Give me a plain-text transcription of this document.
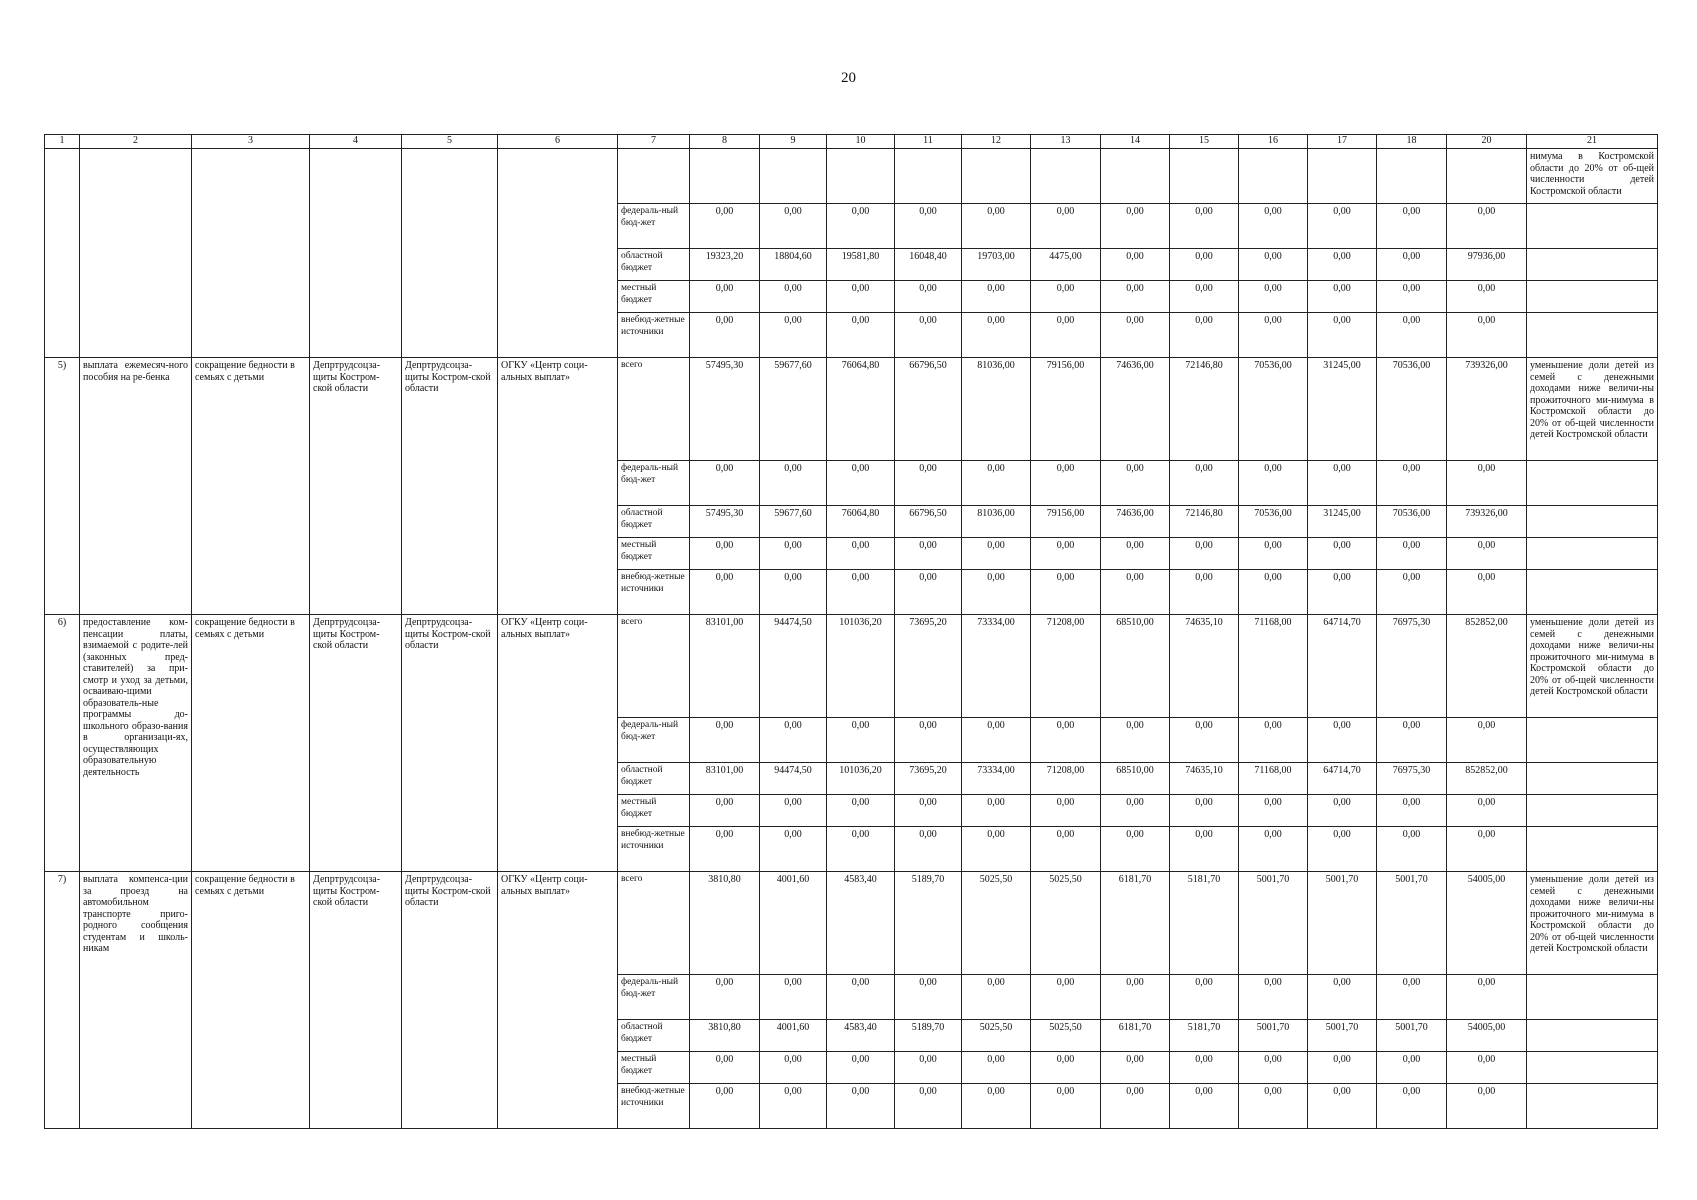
20
1	2	3	4	5	6	7	8	9	10	11	12	13	14	15	16	17	18	20	21
																			нимума в Костромской области до 20% от об-щей численности детей Костромской области
						федераль-ный бюд-жет	0,00	0,00	0,00	0,00	0,00	0,00	0,00	0,00	0,00	0,00	0,00	0,00	
						областной бюджет	19323,20	18804,60	19581,80	16048,40	19703,00	4475,00	0,00	0,00	0,00	0,00	0,00	97936,00	
						местный бюджет	0,00	0,00	0,00	0,00	0,00	0,00	0,00	0,00	0,00	0,00	0,00	0,00	
						внебюд-жетные источники	0,00	0,00	0,00	0,00	0,00	0,00	0,00	0,00	0,00	0,00	0,00	0,00	
5)	выплата ежемесяч-ного пособия на ре-бенка	сокращение бедности в семьях с детьми	Депртрудсоцза-щиты Костром-ской области	Депртрудсоцза-щиты Костром-ской области	ОГКУ «Центр соци-альных выплат»	всего	57495,30	59677,60	76064,80	66796,50	81036,00	79156,00	74636,00	72146,80	70536,00	31245,00	70536,00	739326,00	уменьшение доли детей из семей с денежными доходами ниже величи-ны прожиточного ми-нимума в Костромской области до 20% от об-щей численности детей Костромской области
						федераль-ный бюд-жет	0,00	0,00	0,00	0,00	0,00	0,00	0,00	0,00	0,00	0,00	0,00	0,00	
						областной бюджет	57495,30	59677,60	76064,80	66796,50	81036,00	79156,00	74636,00	72146,80	70536,00	31245,00	70536,00	739326,00	
						местный бюджет	0,00	0,00	0,00	0,00	0,00	0,00	0,00	0,00	0,00	0,00	0,00	0,00	
						внебюд-жетные источники	0,00	0,00	0,00	0,00	0,00	0,00	0,00	0,00	0,00	0,00	0,00	0,00	
6)	предоставление ком-пенсации платы, взимаемой с родите-лей (законных пред-ставителей) за при-смотр и уход за детьми, осваиваю-щими образователь-ные программы до-школьного образо-вания в организаци-ях, осуществляющих образовательную деятельность	сокращение бедности в семьях с детьми	Депртрудсоцза-щиты Костром-ской области	Депртрудсоцза-щиты Костром-ской области	ОГКУ «Центр соци-альных выплат»	всего	83101,00	94474,50	101036,20	73695,20	73334,00	71208,00	68510,00	74635,10	71168,00	64714,70	76975,30	852852,00	уменьшение доли детей из семей с денежными доходами ниже величи-ны прожиточного ми-нимума в Костромской области до 20% от об-щей численности детей Костромской области
						федераль-ный бюд-жет	0,00	0,00	0,00	0,00	0,00	0,00	0,00	0,00	0,00	0,00	0,00	0,00	
						областной бюджет	83101,00	94474,50	101036,20	73695,20	73334,00	71208,00	68510,00	74635,10	71168,00	64714,70	76975,30	852852,00	
						местный бюджет	0,00	0,00	0,00	0,00	0,00	0,00	0,00	0,00	0,00	0,00	0,00	0,00	
						внебюд-жетные источники	0,00	0,00	0,00	0,00	0,00	0,00	0,00	0,00	0,00	0,00	0,00	0,00	
7)	выплата компенса-ции за проезд на автомобильном транспорте приго-родного сообщения студентам и школь-никам	сокращение бедности в семьях с детьми	Депртрудсоцза-щиты Костром-ской области	Депртрудсоцза-щиты Костром-ской области	ОГКУ «Центр соци-альных выплат»	всего	3810,80	4001,60	4583,40	5189,70	5025,50	5025,50	6181,70	5181,70	5001,70	5001,70	5001,70	54005,00	уменьшение доли детей из семей с денежными доходами ниже величи-ны прожиточного ми-нимума в Костромской области до 20% от об-щей численности детей Костромской области
						федераль-ный бюд-жет	0,00	0,00	0,00	0,00	0,00	0,00	0,00	0,00	0,00	0,00	0,00	0,00	
						областной бюджет	3810,80	4001,60	4583,40	5189,70	5025,50	5025,50	6181,70	5181,70	5001,70	5001,70	5001,70	54005,00	
						местный бюджет	0,00	0,00	0,00	0,00	0,00	0,00	0,00	0,00	0,00	0,00	0,00	0,00	
						внебюд-жетные источники	0,00	0,00	0,00	0,00	0,00	0,00	0,00	0,00	0,00	0,00	0,00	0,00	
